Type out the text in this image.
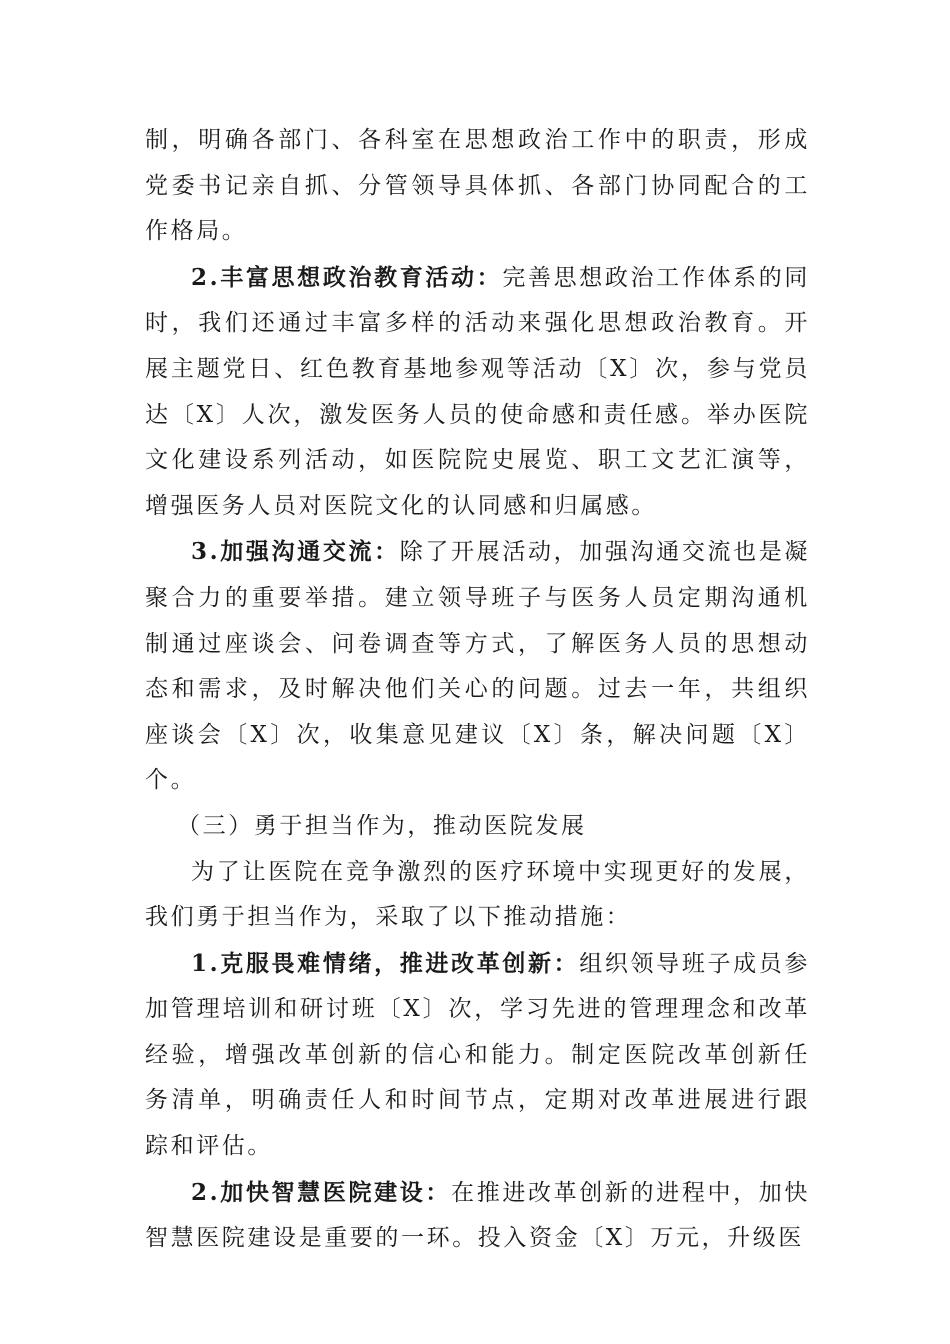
制，明确各部门、各科室在思想政治工作中的职责，形成党委书记亲自抓、分管领导具体抓、各部门协同配合的工作格局。

2.丰富思想政治教育活动：完善思想政治工作体系的同时，我们还通过丰富多样的活动来强化思想政治教育。开展主题党日、红色教育基地参观等活动〔X〕次，参与党员达〔X〕人次，激发医务人员的使命感和责任感。举办医院文化建设系列活动，如医院院史展览、职工文艺汇演等，增强医务人员对医院文化的认同感和归属感。

3.加强沟通交流：除了开展活动，加强沟通交流也是凝聚合力的重要举措。建立领导班子与医务人员定期沟通机制通过座谈会、问卷调查等方式，了解医务人员的思想动态和需求，及时解决他们关心的问题。过去一年，共组织座谈会〔X〕次，收集意见建议〔X〕条，解决问题〔X〕个。

（三）勇于担当作为，推动医院发展

为了让医院在竞争激烈的医疗环境中实现更好的发展，我们勇于担当作为，采取了以下推动措施：

1.克服畏难情绪，推进改革创新：组织领导班子成员参加管理培训和研讨班〔X〕次，学习先进的管理理念和改革经验，增强改革创新的信心和能力。制定医院改革创新任务清单，明确责任人和时间节点，定期对改革进展进行跟踪和评估。

2.加快智慧医院建设：在推进改革创新的进程中，加快智慧医院建设是重要的一环。投入资金〔X〕万元，升级医
